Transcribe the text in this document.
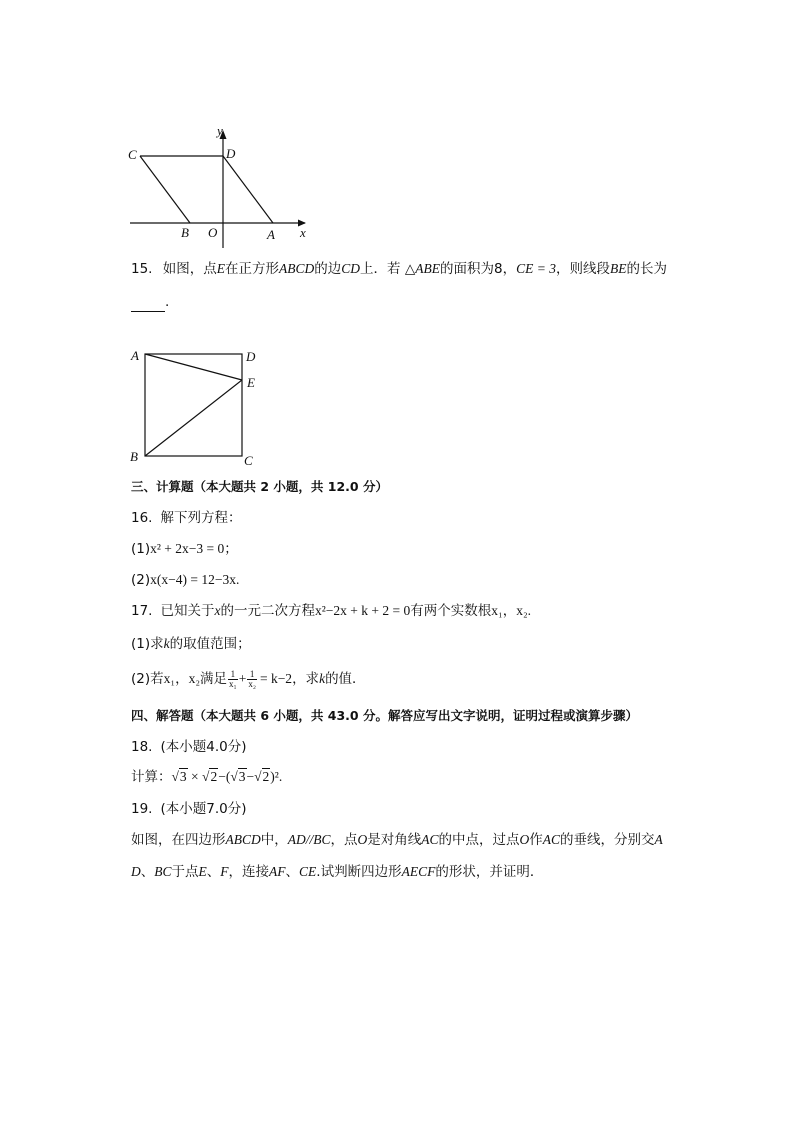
y
C	D
B O	A x
15. 如图，点E在正方形ABCD的边CD上．若 △ABE的面积为8，CE = 3，则线段BE的长为
.
A	D
E
B	C
三、计算题（本大题共 2 小题，共 12.0 分）
16. 解下列方程：
(1)x² + 2x−3 = 0；
(2)x(x−4) = 12−3x.
17. 已知关于x的一元二次方程x²−2x + k + 2 = 0有两个实数根x₁，x₂.
(1)求k的取值范围；
(2)若x₁，x₂满足 $\frac{1}{\text{x₁}} + \frac{1}{\text{x₂}} = k-2$，求k的值．
四、解答题（本大题共 6 小题，共 43.0 分。解答应写出文字说明，证明过程或演算步骤）
18. (本小题4.0分)
计算：√3 × √2−(√3−√2)².
19. (本小题7.0分)
如图，在四边形ABCD中，AD//BC，点O是对角线AC的中点，过点O作AC的垂线，分别交A
D、BC于点E、F，连接AF、CE.试判断四边形AECF的形状，并证明．
